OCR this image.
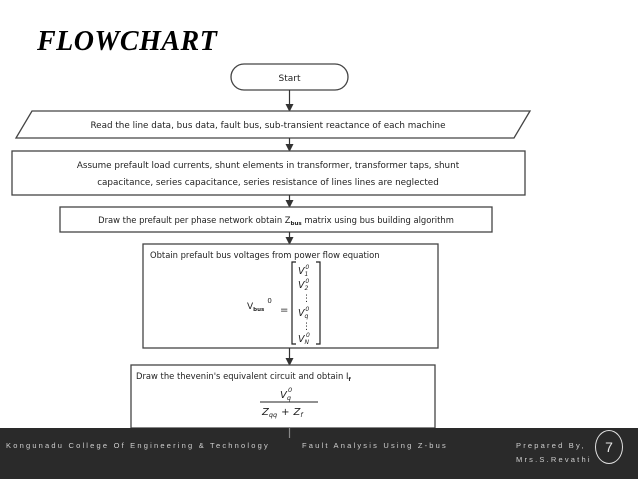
FLOWCHART
Start
Read the line data, bus data, fault bus, sub-transient reactance of each machine
Assume prefault load currents, shunt elements in transformer, transformer taps, shunt
capacitance, series capacitance, series resistance of lines lines are neglected
Draw the prefault per phase network obtain $Z_{bus}$ matrix using bus building algorithm
Obtain prefault bus voltages from power flow equation
$V_{bus}^0$
=
$V_10$
$V_20$
⋮
$V_q0$
⋮
$V_N0$
Draw the thevenin's equivalent circuit and obtain $I_f$
$V_q0$
$Z_{qq} + Z_f$
Kongunadu College Of Engineering & Technology	Fault Analysis Using Z-bus	Prepared By,
Mrs.S.Revathi
7
